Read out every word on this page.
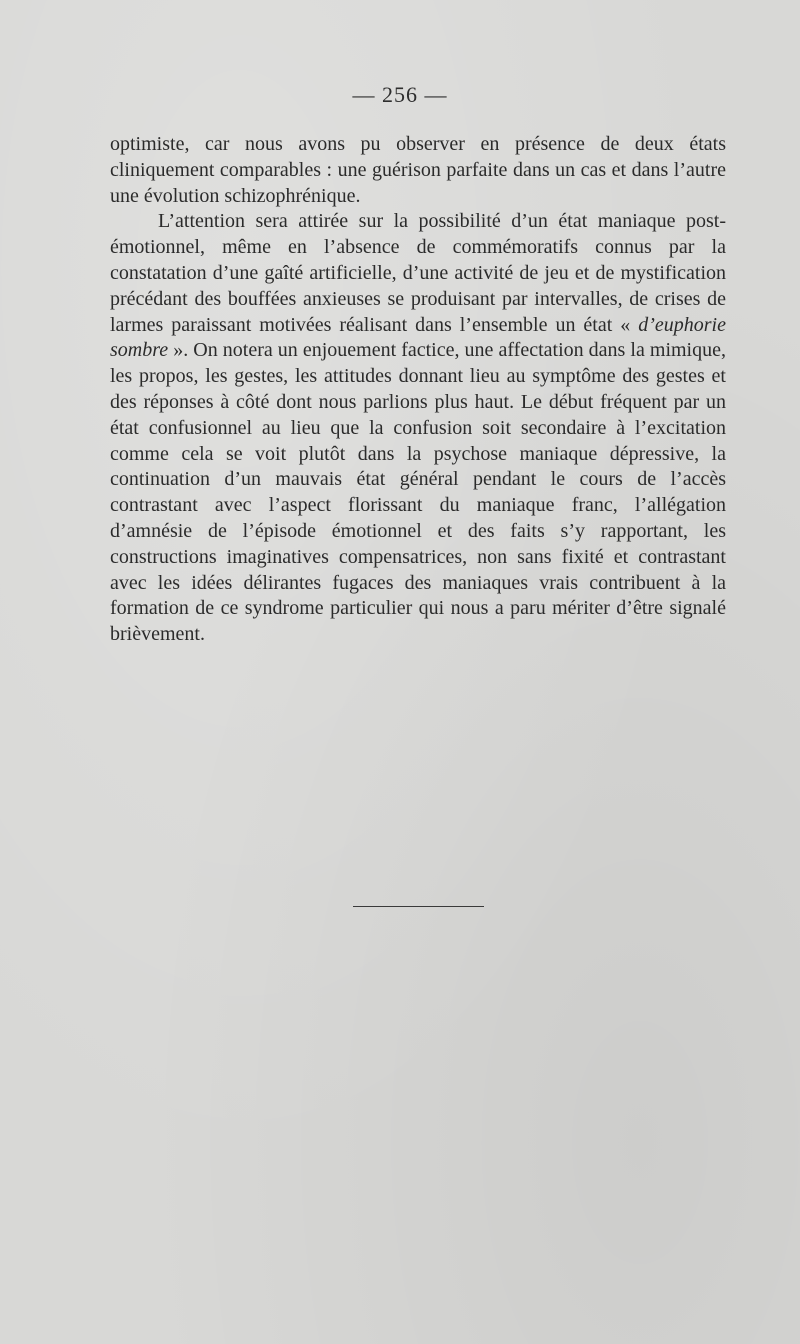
— 256 —

optimiste, car nous avons pu observer en présence de deux états cliniquement comparables : une guérison parfaite dans un cas et dans l’autre une évolution schizophrénique.

L’attention sera attirée sur la possibilité d’un état maniaque post-émotionnel, même en l’absence de commémoratifs connus par la constatation d’une gaîté artificielle, d’une activité de jeu et de mystification précédant des bouffées anxieuses se produisant par intervalles, de crises de larmes paraissant motivées réalisant dans l’ensemble un état « d’euphorie sombre ». On notera un enjouement factice, une affectation dans la mimique, les propos, les gestes, les attitudes donnant lieu au symptôme des gestes et des réponses à côté dont nous parlions plus haut. Le début fréquent par un état confusionnel au lieu que la confusion soit secondaire à l’excitation comme cela se voit plutôt dans la psychose maniaque dépressive, la continuation d’un mauvais état général pendant le cours de l’accès contrastant avec l’aspect florissant du maniaque franc, l’allégation d’amnésie de l’épisode émotionnel et des faits s’y rapportant, les constructions imaginatives compensatrices, non sans fixité et contrastant avec les idées délirantes fugaces des maniaques vrais contribuent à la formation de ce syndrome particulier qui nous a paru mériter d’être signalé brièvement.
